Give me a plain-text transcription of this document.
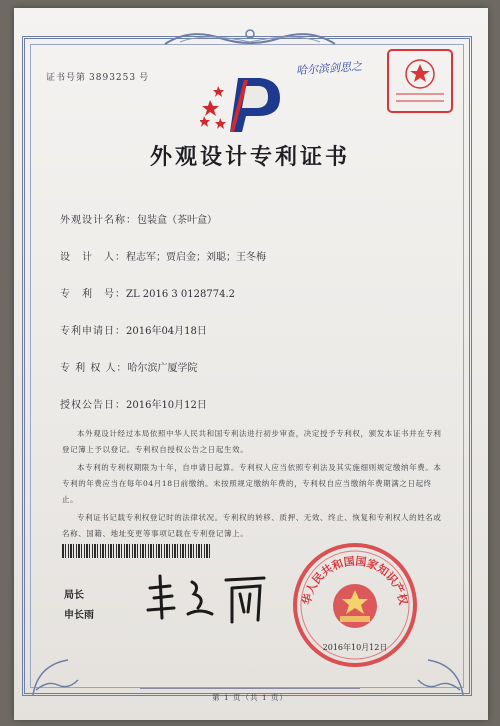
证书号第 3893253 号
哈尔滨剑思之
外观设计专利证书
外观设计名称：包装盒（茶叶盒）
设　计　人：程志军；贾启金；刘聪；王冬梅
专　利　号：ZL 2016 3 0128774.2
专利申请日：2016年04月18日
专 利 权 人：哈尔滨广厦学院
授权公告日：2016年10月12日

本外观设计经过本局依照中华人民共和国专利法进行初步审查，决定授予专利权，颁发本证书并在专利登记簿上予以登记。专利权自授权公告之日起生效。

本专利的专利权期限为十年，自申请日起算。专利权人应当依照专利法及其实施细则规定缴纳年费。本专利的年费应当在每年04月18日前缴纳。未按照规定缴纳年费的，专利权自应当缴纳年费期满之日起终止。

专利证书记载专利权登记时的法律状况。专利权的转移、质押、无效、终止、恢复和专利权人的姓名或名称、国籍、地址变更等事项记载在专利登记簿上。

局长
申长雨
华人民共和国国家知识产权
2016年10月12日
第 1 页（共 1 页）
